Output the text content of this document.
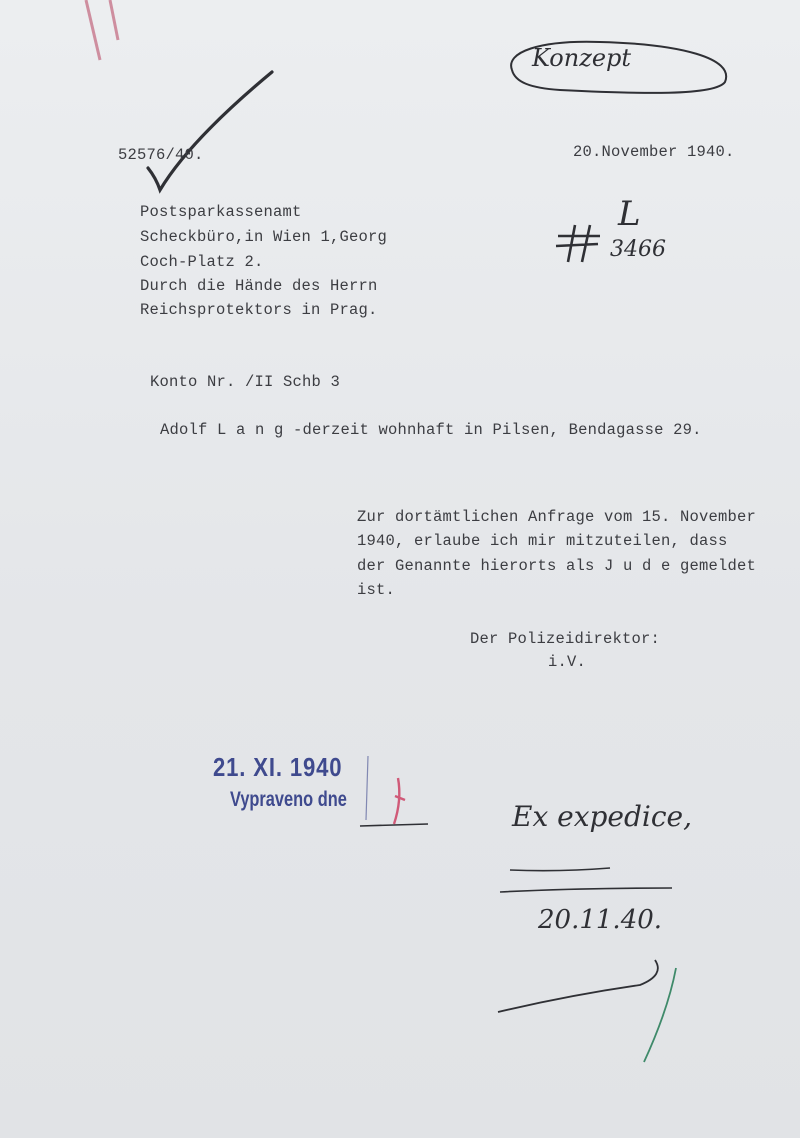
Konzept
52576/40.	20.November 1940.
L
3466
Postsparkassenamt
Scheckbüro,in Wien 1,Georg
Coch-Platz 2.
Durch die Hände des Herrn
Reichsprotektors in Prag.
Konto Nr. /II Schb 3
Adolf L a n g -derzeit wohnhaft in Pilsen, Bendagasse 29.
Zur dortämtlichen Anfrage vom 15. November
1940, erlaube ich mir mitzuteilen, dass
der Genannte hierorts als J u d e gemeldet
ist.
Der Polizeidirektor:
i.V.
21. XI. 1940
Vypraveno dne
Ex expedice,
20.11.40.
